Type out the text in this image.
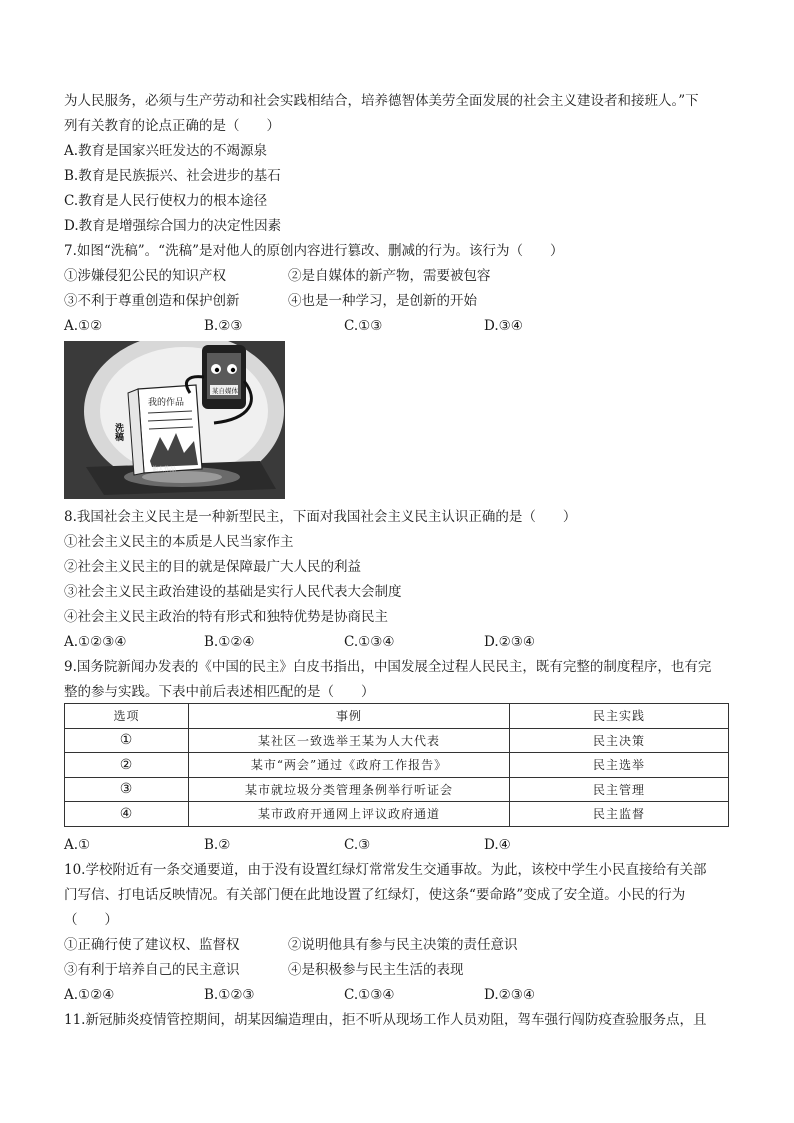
为人民服务，必须与生产劳动和社会实践相结合，培养德智体美劳全面发展的社会主义建设者和接班人。”下
列有关教育的论点正确的是（　　）
A.教育是国家兴旺发达的不竭源泉
B.教育是民族振兴、社会进步的基石
C.教育是人民行使权力的根本途径
D.教育是增强综合国力的决定性因素
7.如图“洗稿”。“洗稿”是对他人的原创内容进行篡改、删减的行为。该行为（　　）
①涉嫌侵犯公民的知识产权	②是自媒体的新产物，需要被包容
③不利于尊重创造和保护创新	④也是一种学习，是创新的开始
A.①②	B.②③	C.①③	D.③④
我的作品
他人作品
洗稿
某自媒体
8.我国社会主义民主是一种新型民主，下面对我国社会主义民主认识正确的是（　　）
①社会主义民主的本质是人民当家作主
②社会主义民主的目的就是保障最广大人民的利益
③社会主义民主政治建设的基础是实行人民代表大会制度
④社会主义民主政治的特有形式和独特优势是协商民主
A.①②③④	B.①②④	C.①③④	D.②③④
9.国务院新闻办发表的《中国的民主》白皮书指出，中国发展全过程人民民主，既有完整的制度程序，也有完
整的参与实践。下表中前后表述相匹配的是（　　）
选项	事例	民主实践
①	某社区一致选举王某为人大代表	民主决策
②	某市“两会”通过《政府工作报告》	民主选举
③	某市就垃圾分类管理条例举行听证会	民主管理
④	某市政府开通网上评议政府通道	民主监督
A.①	B.②	C.③	D.④
10.学校附近有一条交通要道，由于没有设置红绿灯常常发生交通事故。为此，该校中学生小民直接给有关部
门写信、打电话反映情况。有关部门便在此地设置了红绿灯，使这条“要命路”变成了安全道。小民的行为
（　　）
①正确行使了建议权、监督权	②说明他具有参与民主决策的责任意识
③有利于培养自己的民主意识	④是积极参与民主生活的表现
A.①②④	B.①②③	C.①③④	D.②③④
11.新冠肺炎疫情管控期间，胡某因编造理由，拒不听从现场工作人员劝阻，驾车强行闯防疫查验服务点，且
